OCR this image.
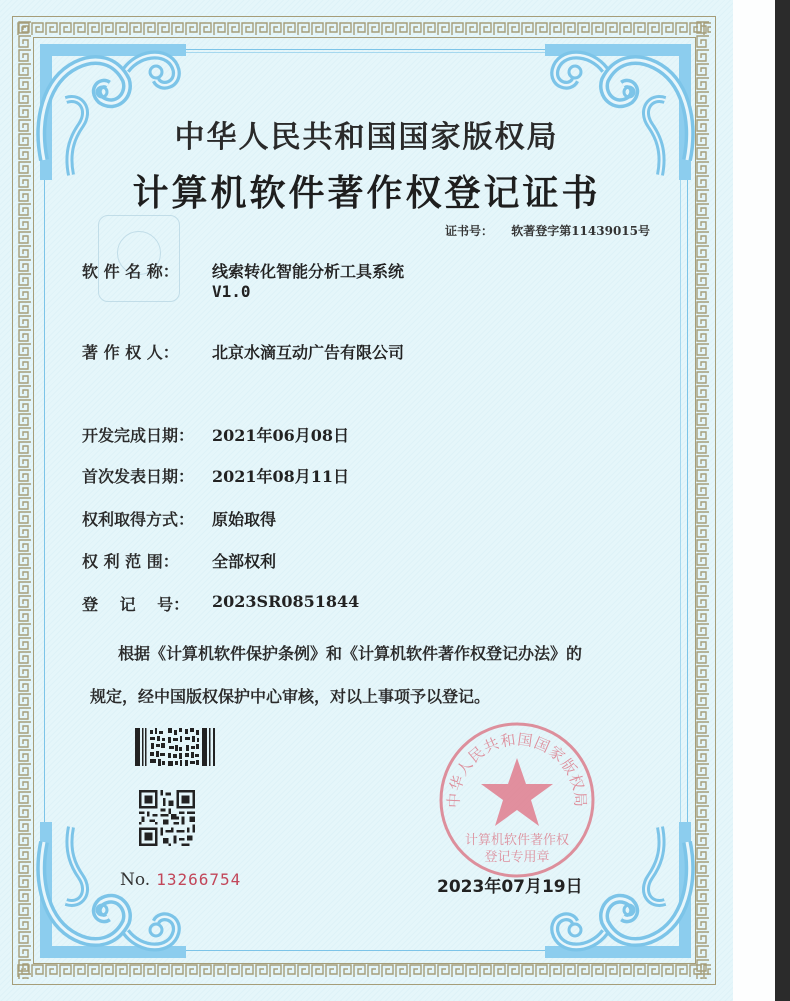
中华人民共和国国家版权局
计算机软件著作权登记证书
证书号： 软著登字第11439015号
软 件 名 称： 线索转化智能分析工具系统
V1.0
著 作 权 人： 北京水滴互动广告有限公司
开发完成日期： 2021年06月08日
首次发表日期： 2021年08月11日
权利取得方式： 原始取得
权 利 范 围： 全部权利
登　 记　 号： 2023SR0851844
根据《计算机软件保护条例》和《计算机软件著作权登记办法》的
规定，经中国版权保护中心审核，对以上事项予以登记。
No. 13266754
中华人民共和国国家版权局
计算机软件著作权
登记专用章
2023年07月19日
